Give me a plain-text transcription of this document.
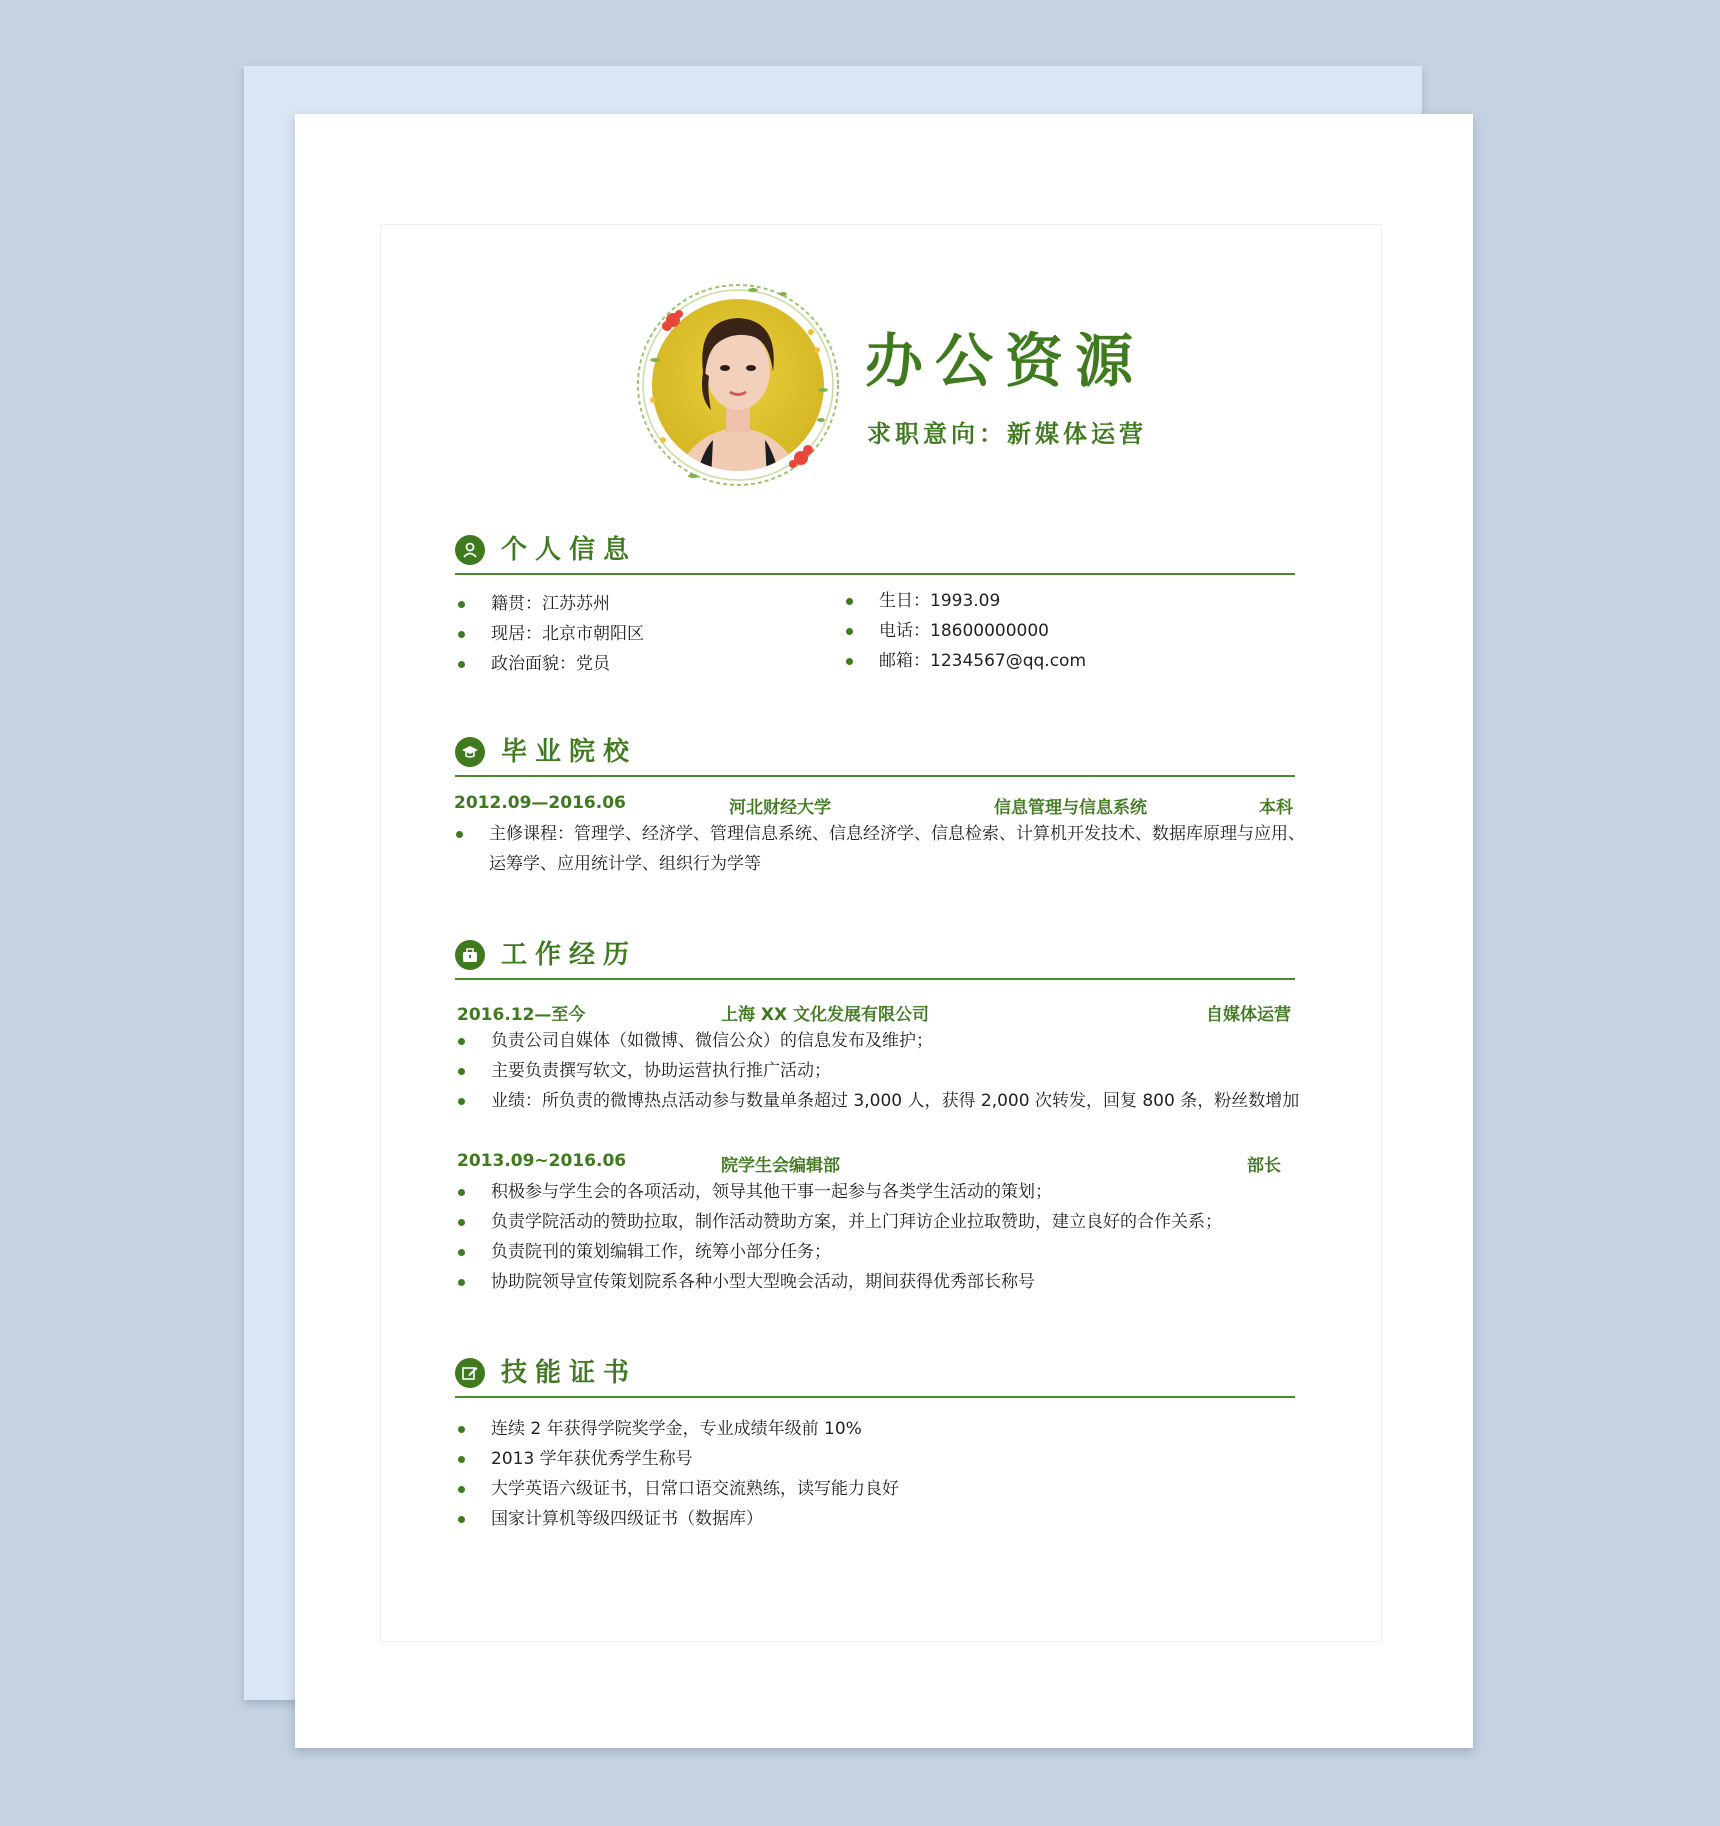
办公资源
求职意向：新媒体运营
个人信息
籍贯：江苏苏州
现居：北京市朝阳区
政治面貌：党员
生日：1993.09
电话：18600000000
邮箱：1234567@qq.com
毕业院校
2012.09—2016.06	河北财经大学	信息管理与信息系统	本科
主修课程：管理学、经济学、管理信息系统、信息经济学、信息检索、计算机开发技术、数据库原理与应用、
运筹学、应用统计学、组织行为学等
工作经历
2016.12—至今	上海 XX 文化发展有限公司	自媒体运营
负责公司自媒体（如微博、微信公众）的信息发布及维护；
主要负责撰写软文，协助运营执行推广活动；
业绩：所负责的微博热点活动参与数量单条超过 3,000 人，获得 2,000 次转发，回复 800 条，粉丝数增加
2013.09~2016.06	院学生会编辑部	部长
积极参与学生会的各项活动，领导其他干事一起参与各类学生活动的策划；
负责学院活动的赞助拉取，制作活动赞助方案，并上门拜访企业拉取赞助，建立良好的合作关系；
负责院刊的策划编辑工作，统筹小部分任务；
协助院领导宣传策划院系各种小型大型晚会活动，期间获得优秀部长称号
技能证书
连续 2 年获得学院奖学金，专业成绩年级前 10%
2013 学年获优秀学生称号
大学英语六级证书，日常口语交流熟练，读写能力良好
国家计算机等级四级证书（数据库）
